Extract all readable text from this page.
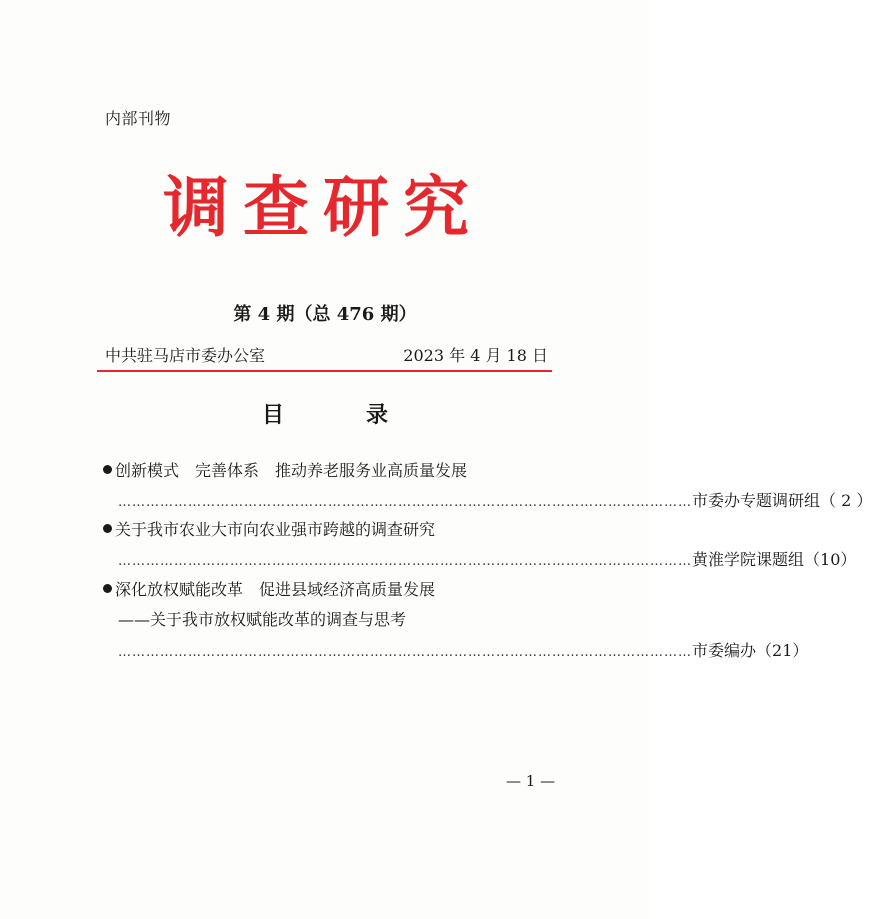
内部刊物
调查研究
第 4 期（总 476 期）
中共驻马店市委办公室	2023 年 4 月 18 日
目　录
创新模式　完善体系　推动养老服务业高质量发展
…………………………………………………………………………………………………………… 市委办专题调研组 （ 2 ）
关于我市农业大市向农业强市跨越的调查研究
…………………………………………………………………………………………………………… 黄淮学院课题组 （10）
深化放权赋能改革　促进县域经济高质量发展
——关于我市放权赋能改革的调查与思考
…………………………………………………………………………………………………………… 市委编办 （21）
— 1 —
